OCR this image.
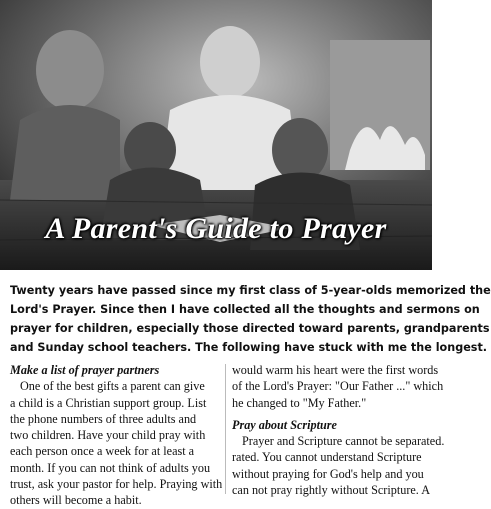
A Parent's Guide to Prayer
Twenty years have passed since my first class of 5-year-olds memorized the
Lord's Prayer. Since then I have collected all the thoughts and sermons on
prayer for children, especially those directed toward parents, grandparents
and Sunday school teachers. The following have stuck with me the longest.
Make a list of prayer partners
One of the best gifts a parent can give
a child is a Christian support group. List
the phone numbers of three adults and
two children. Have your child pray with
each person once a week for at least a
month. If you can not think of adults you
trust, ask your pastor for help. Praying with
others will become a habit.
would warm his heart were the first words
of the Lord's Prayer: "Our Father ..." which
he changed to "My Father."
Pray about Scripture
Prayer and Scripture cannot be separated.
rated. You cannot understand Scripture
without praying for God's help and you
can not pray rightly without Scripture. A
